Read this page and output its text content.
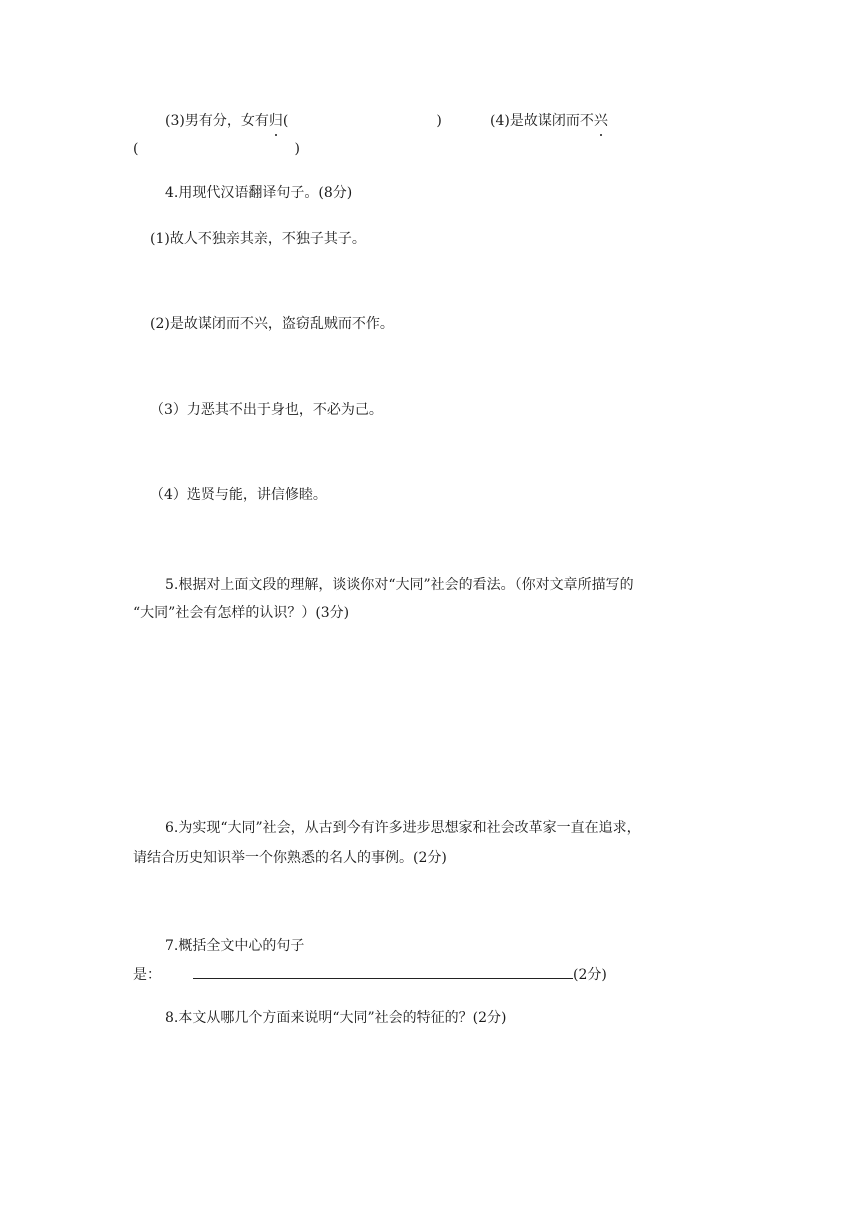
(3)男有分，女有归(	)	(4)是故谋闭而不兴
(	)
4.用现代汉语翻译句子。(8分)
(1)故人不独亲其亲，不独子其子。
(2)是故谋闭而不兴，盗窃乱贼而不作。
（3）力恶其不出于身也，不必为己。
（4）选贤与能，讲信修睦。
5.根据对上面文段的理解，谈谈你对“大同”社会的看法。（你对文章所描写的
“大同”社会有怎样的认识？）(3分)
6.为实现“大同”社会，从古到今有许多进步思想家和社会改革家一直在追求，
请结合历史知识举一个你熟悉的名人的事例。(2分)
7.概括全文中心的句子
是：	(2分)
8.本文从哪几个方面来说明“大同”社会的特征的？(2分)
